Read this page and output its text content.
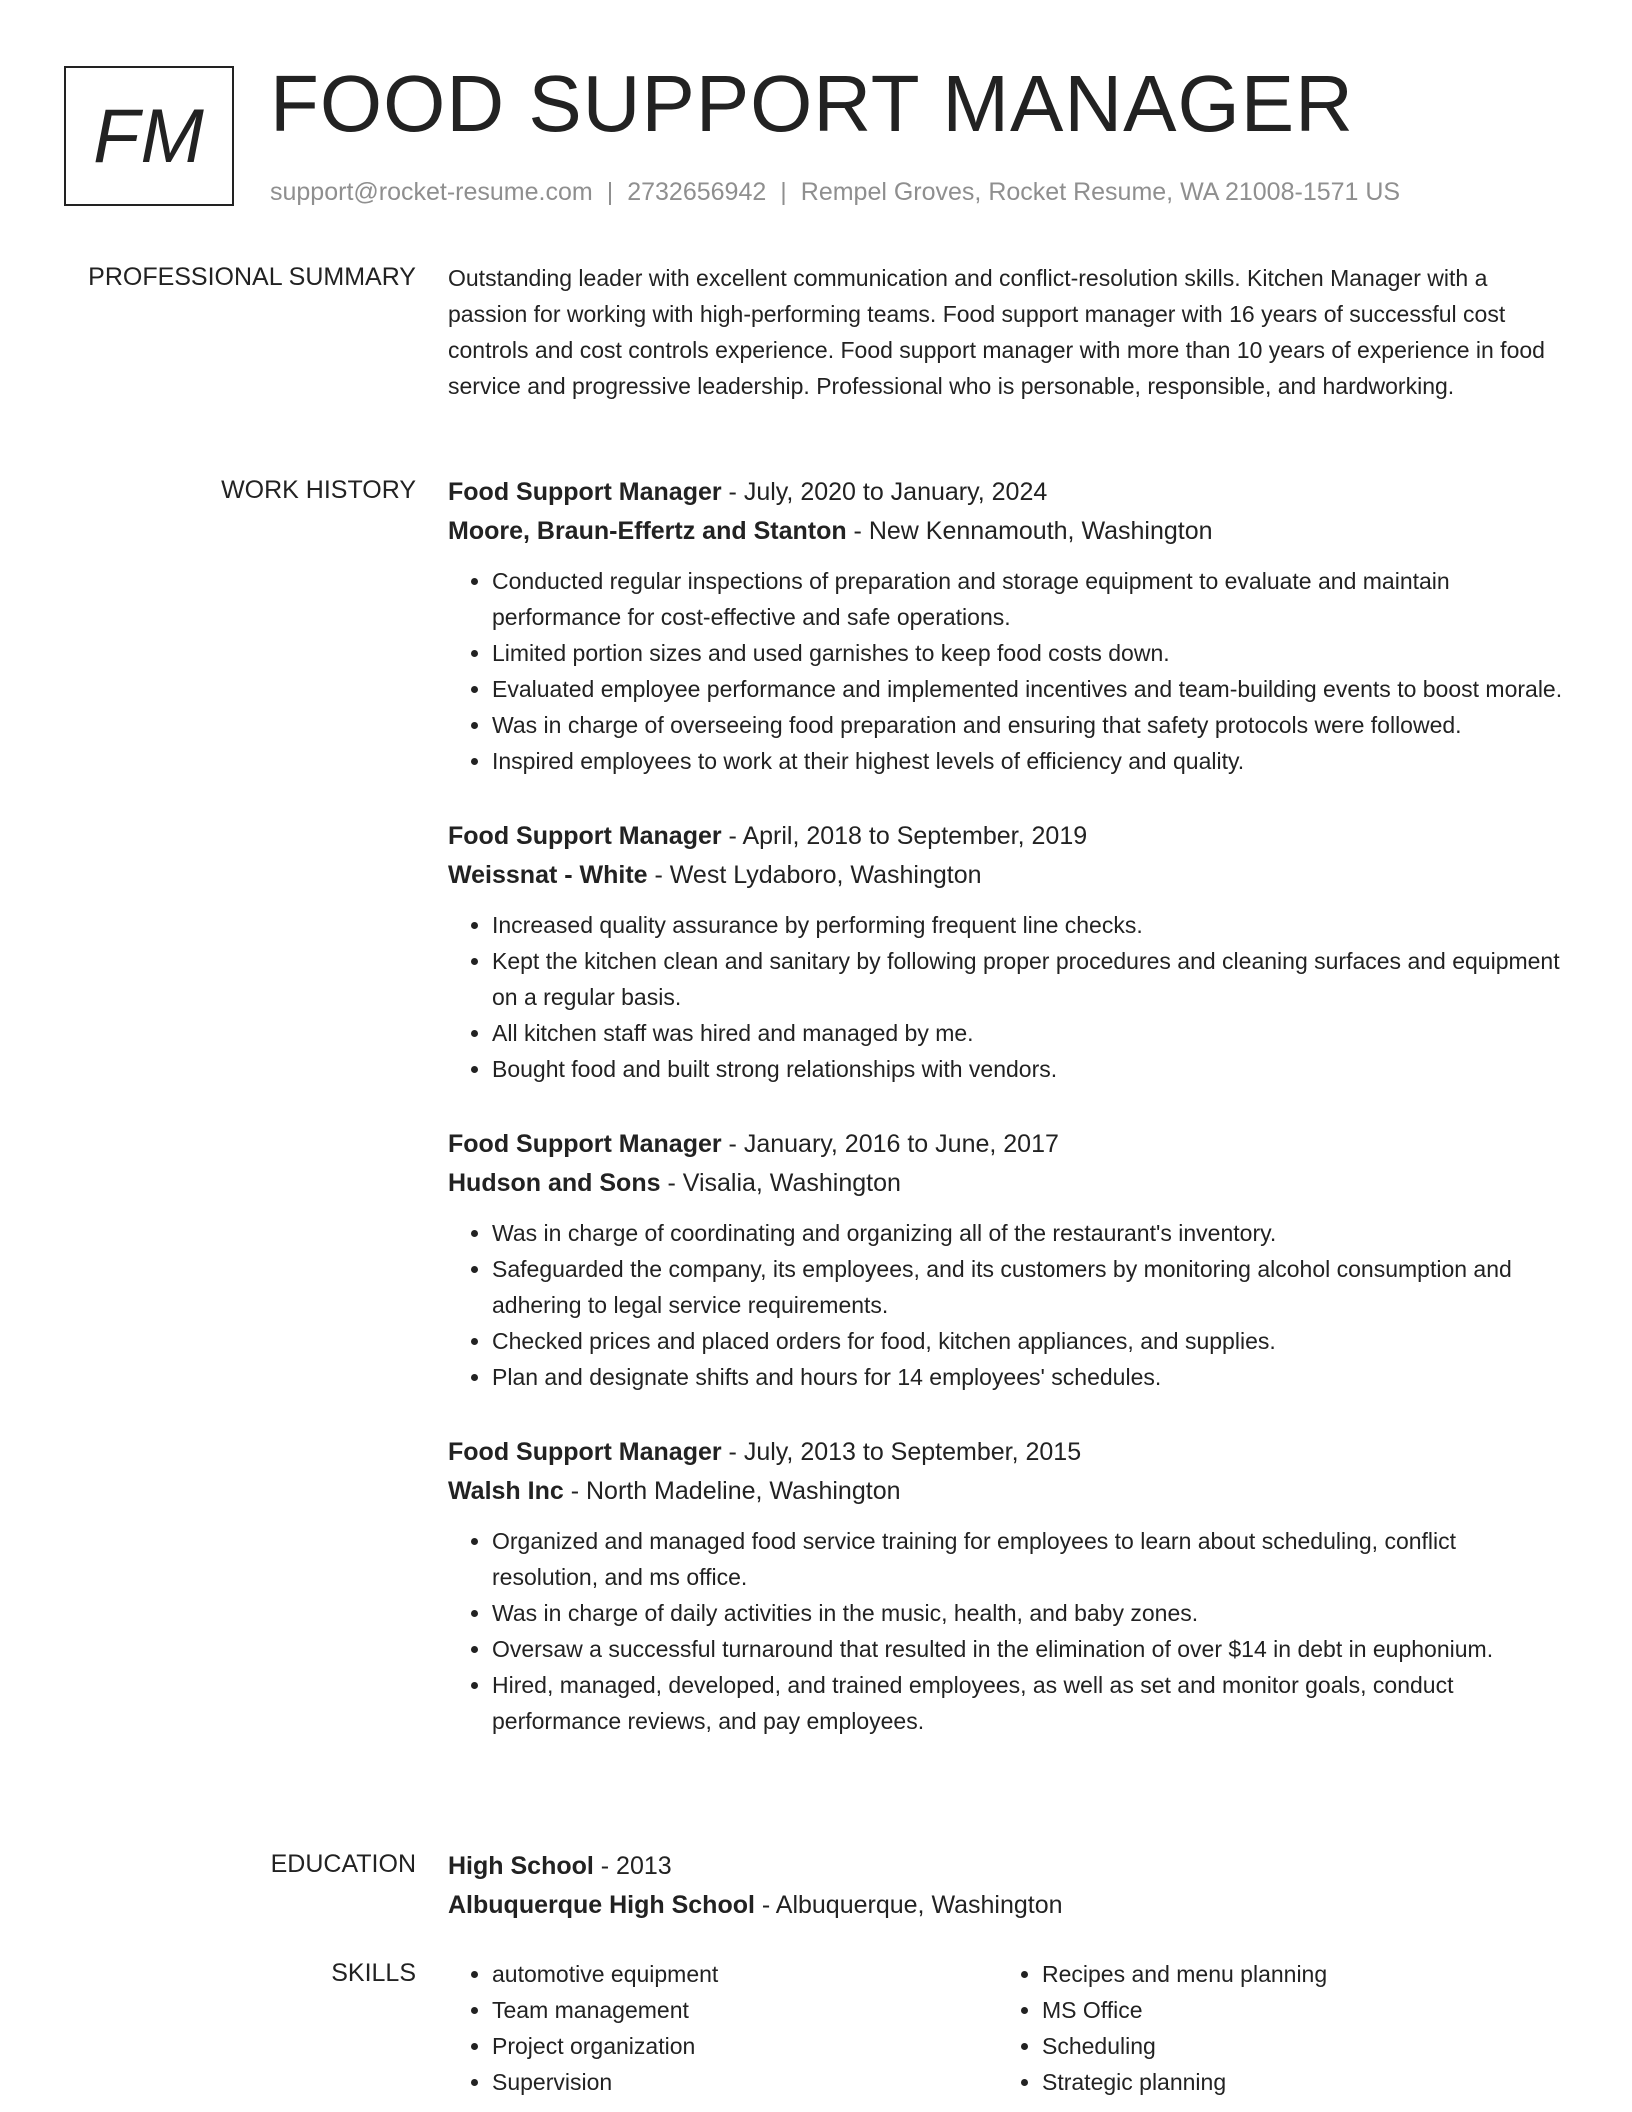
FM FOOD SUPPORT MANAGER
support@rocket-resume.com | 2732656942 | Rempel Groves, Rocket Resume, WA 21008-1571 US
PROFESSIONAL SUMMARY Outstanding leader with excellent communication and conflict-resolution skills. Kitchen Manager with a passion for working with high-performing teams. Food support manager with 16 years of successful cost controls and cost controls experience. Food support manager with more than 10 years of experience in food service and progressive leadership. Professional who is personable, responsible, and hardworking.

WORK HISTORY Food Support Manager - July, 2020 to January, 2024
Moore, Braun-Effertz and Stanton - New Kennamouth, Washington
• Conducted regular inspections of preparation and storage equipment to evaluate and maintain performance for cost-effective and safe operations.
• Limited portion sizes and used garnishes to keep food costs down.
• Evaluated employee performance and implemented incentives and team-building events to boost morale.
• Was in charge of overseeing food preparation and ensuring that safety protocols were followed.
• Inspired employees to work at their highest levels of efficiency and quality.
Food Support Manager - April, 2018 to September, 2019
Weissnat - White - West Lydaboro, Washington
• Increased quality assurance by performing frequent line checks.
• Kept the kitchen clean and sanitary by following proper procedures and cleaning surfaces and equipment on a regular basis.
• All kitchen staff was hired and managed by me.
• Bought food and built strong relationships with vendors.
Food Support Manager - January, 2016 to June, 2017
Hudson and Sons - Visalia, Washington
• Was in charge of coordinating and organizing all of the restaurant's inventory.
• Safeguarded the company, its employees, and its customers by monitoring alcohol consumption and adhering to legal service requirements.
• Checked prices and placed orders for food, kitchen appliances, and supplies.
• Plan and designate shifts and hours for 14 employees' schedules.
Food Support Manager - July, 2013 to September, 2015
Walsh Inc - North Madeline, Washington
• Organized and managed food service training for employees to learn about scheduling, conflict resolution, and ms office.
• Was in charge of daily activities in the music, health, and baby zones.
• Oversaw a successful turnaround that resulted in the elimination of over $14 in debt in euphonium.
• Hired, managed, developed, and trained employees, as well as set and monitor goals, conduct performance reviews, and pay employees.
EDUCATION High School - 2013
Albuquerque High School - Albuquerque, Washington
SKILLS
•	automotive equipment
• Team management
• Project organization
• Supervision
• Recipes and menu planning
• MS Office
• Scheduling
• Strategic planning
